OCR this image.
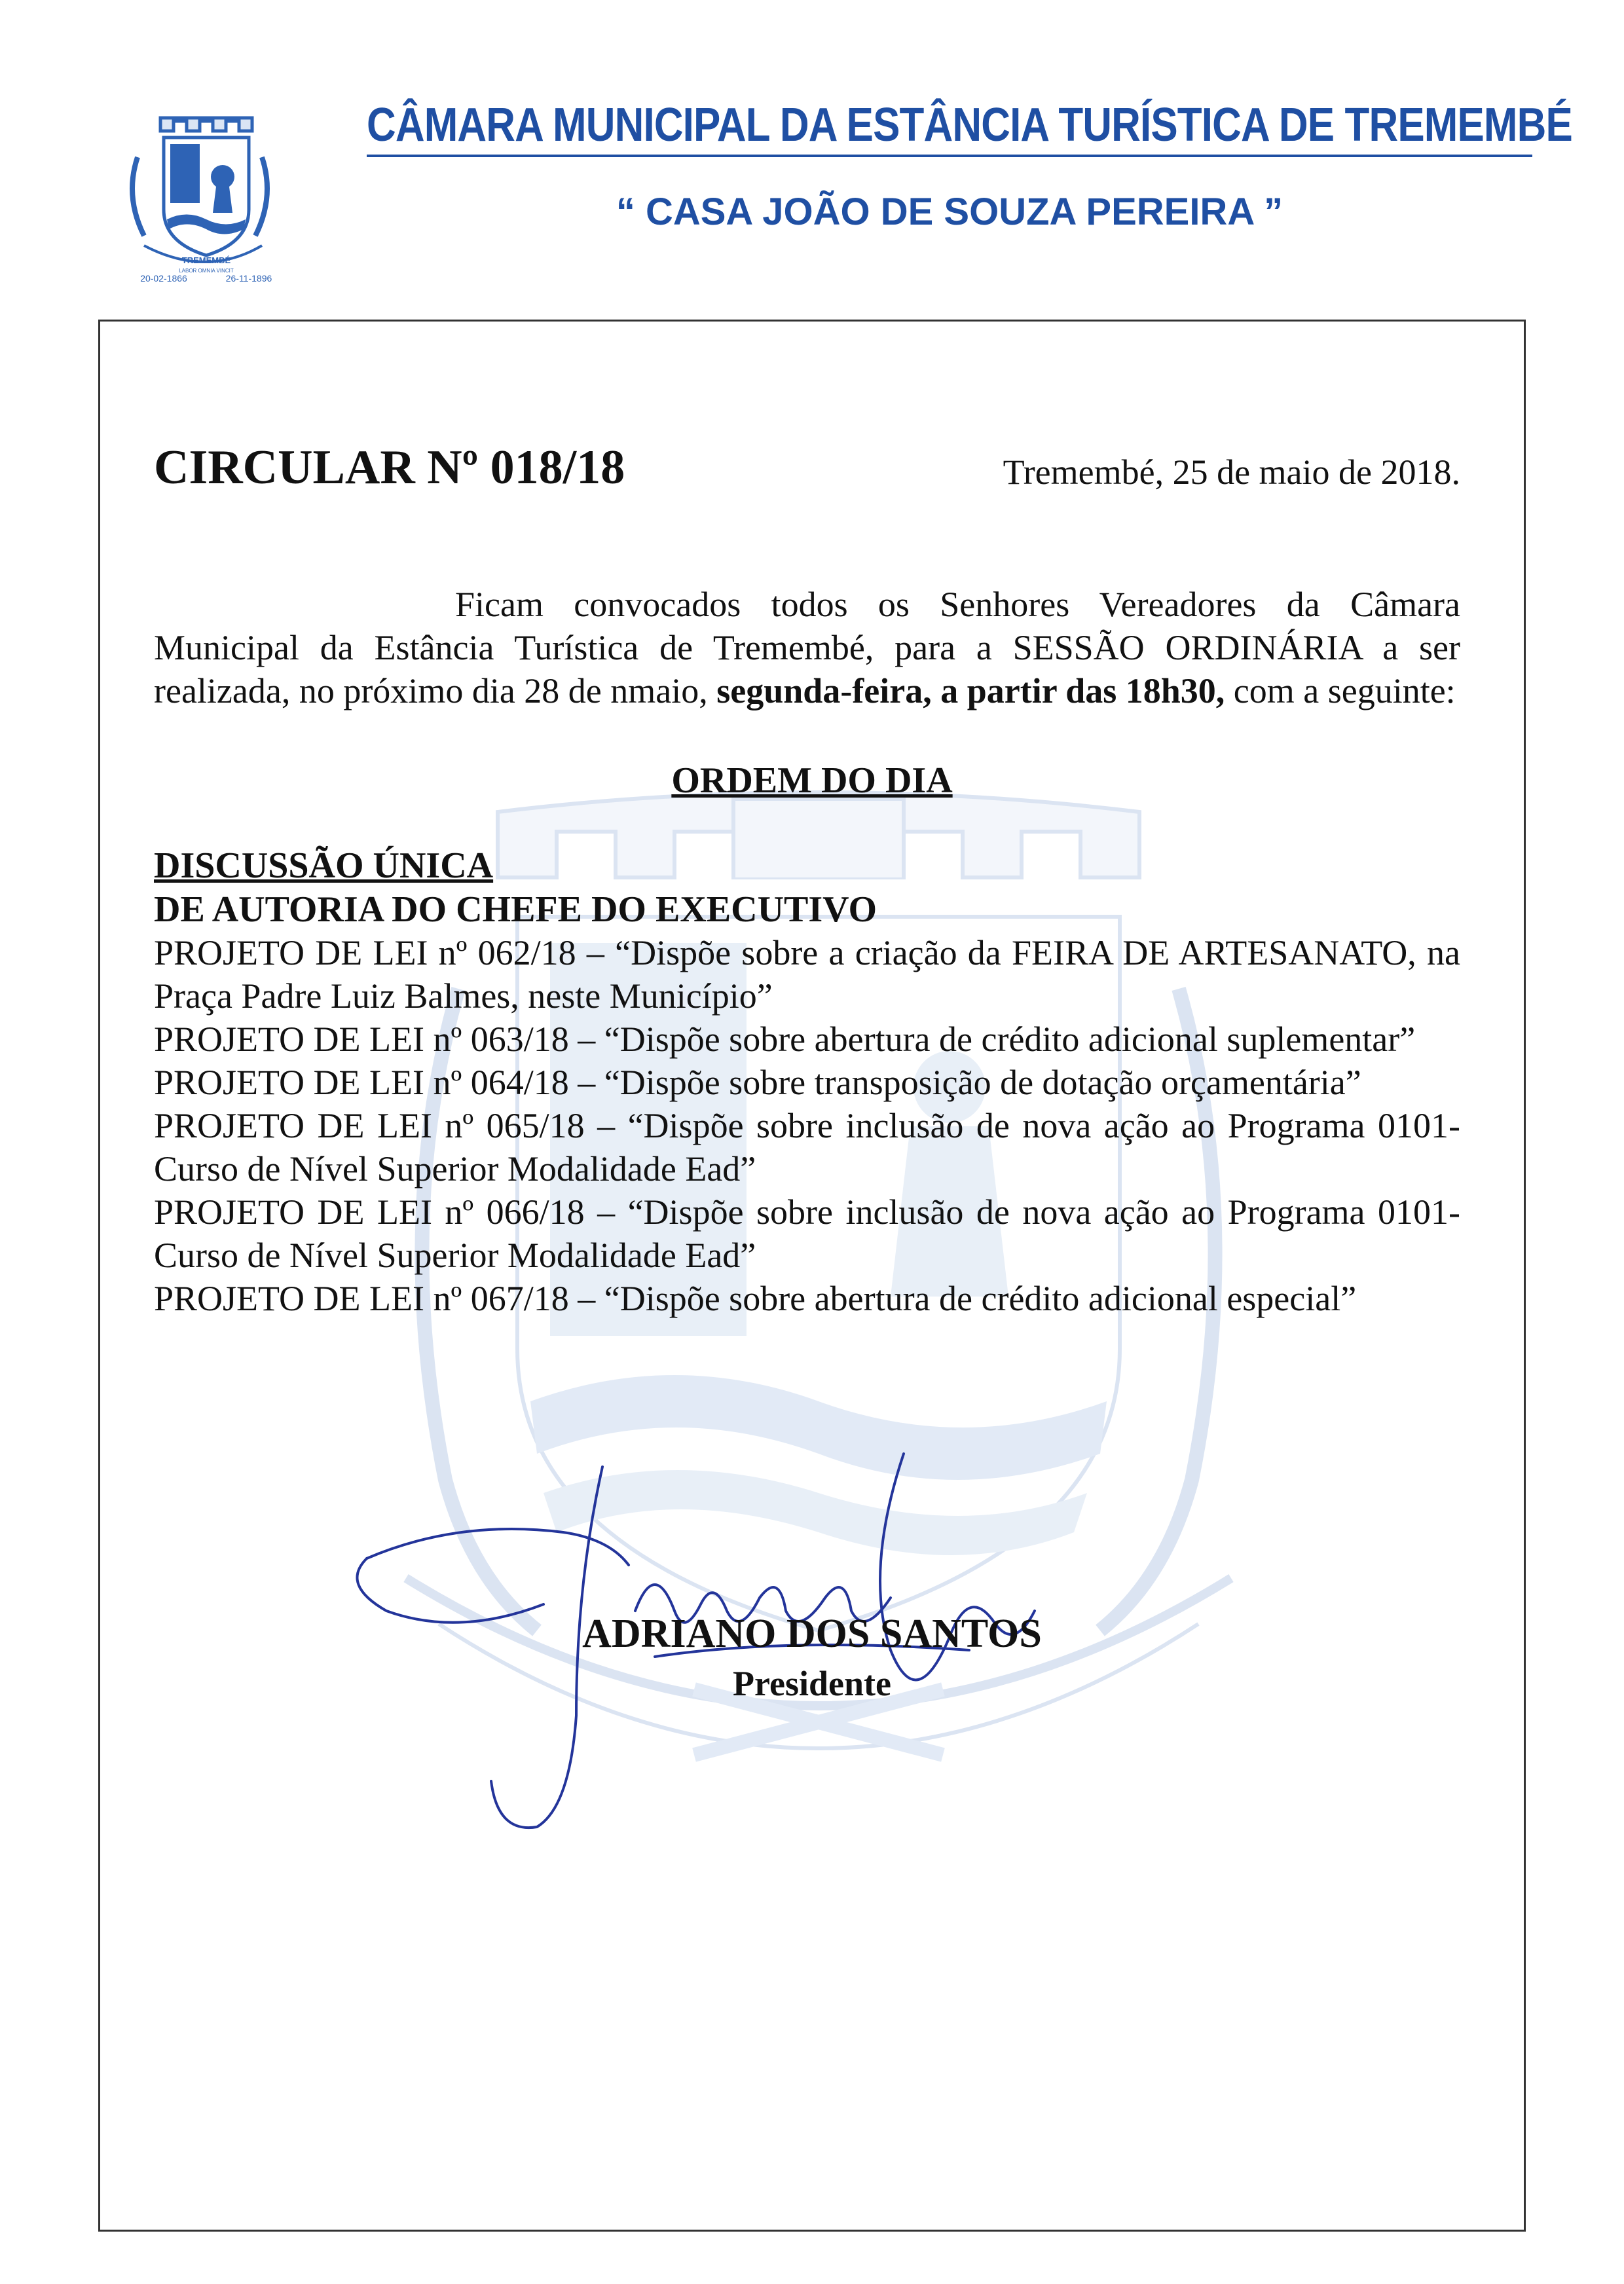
TREMEMBÉ
LABOR OMNIA VINCIT
20-02-1866	26-11-1896
CÂMARA MUNICIPAL DA ESTÂNCIA TURÍSTICA DE TREMEMBÉ
“ CASA JOÃO DE SOUZA PEREIRA ”
CIRCULAR Nº 018/18	Tremembé, 25 de maio de 2018.
Ficam convocados todos os Senhores Vereadores da Câmara Municipal da Estância Turística de Tremembé, para a SESSÃO ORDINÁRIA a ser realizada, no próximo dia 28 de nmaio, segunda-feira, a partir das 18h30, com a seguinte:
ORDEM DO DIA
DISCUSSÃO ÚNICA
DE AUTORIA DO CHEFE DO EXECUTIVO
PROJETO DE LEI nº 062/18 – “Dispõe sobre a criação da FEIRA DE ARTESANATO, na Praça Padre Luiz Balmes, neste Município”
PROJETO DE LEI nº 063/18 – “Dispõe sobre abertura de crédito adicional suplementar”
PROJETO DE LEI nº 064/18 – “Dispõe sobre transposição de dotação orçamentária”
PROJETO DE LEI nº 065/18 – “Dispõe sobre inclusão de nova ação ao Programa 0101- Curso de Nível Superior Modalidade Ead”
PROJETO DE LEI nº 066/18 – “Dispõe sobre inclusão de nova ação ao Programa 0101- Curso de Nível Superior Modalidade Ead”
PROJETO DE LEI nº 067/18 – “Dispõe sobre abertura de crédito adicional especial”
ADRIANO DOS SANTOS
Presidente
